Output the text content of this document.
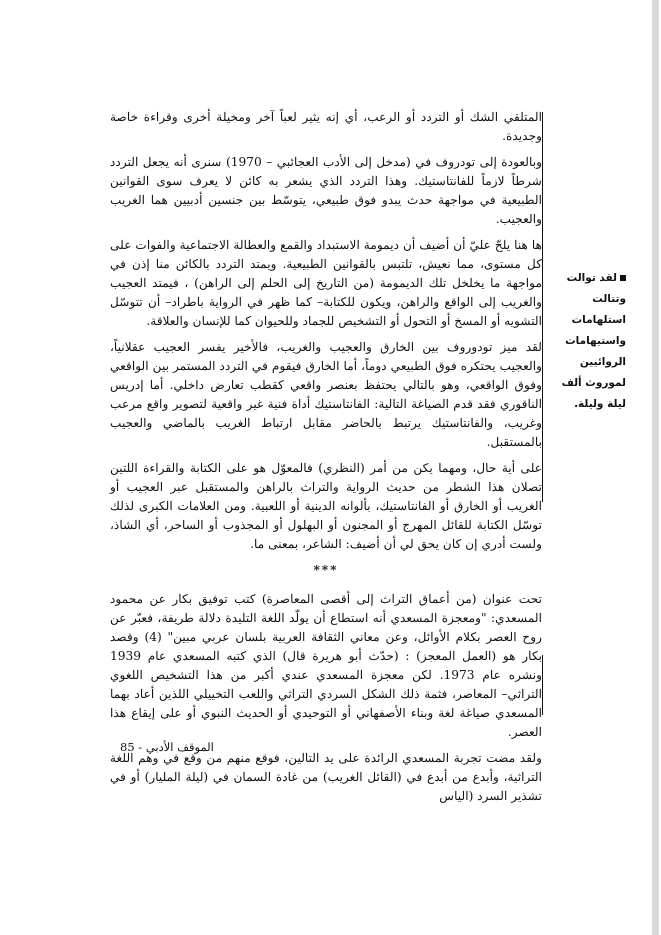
لقد توالت وتتالت استلهامات واستيهامات الروائيين لموروث ألف ليلة وليلة.

المتلقي الشك أو التردد أو الرعب، أي إنه يثير لعباً آخر ومخيلة أخرى وقراءة خاصة وجديدة.

وبالعودة إلى تودروف في (مدخل إلى الأدب العجائبي – 1970) سنرى أنه يجعل التردد شرطاً لازماً للفانتاستيك. وهذا التردد الذي يشعر به كائن لا يعرف سوى القوانين الطبيعية في مواجهة حدث يبدو فوق طبيعي، يتوسّط بين جنسين أدبيين هما الغريب والعجيب.

ها هنا يلحّ عليّ أن أضيف أن ديمومة الاستبداد والقمع والعطالة الاجتماعية والفوات على كل مستوى، مما نعيش، تلتبس بالقوانين الطبيعية. ويمتد التردد بالكائن منا إذن في مواجهة ما يخلخل تلك الديمومة (من التاريخ إلى الحلم إلى الراهن) ، فيمتد العجيب والغريب إلى الواقع والراهن، ويكون للكتابة– كما ظهر في الرواية باطراد– أن تتوسّل التشويه أو المسخ أو التحول أو التشخيص للجماد وللحيوان كما للإنسان والعلاقة.

لقد ميز تودوروف بين الخارق والعجيب والغريب، فالأخير يفسر العجيب عقلانياً، والعجيب يحتكره فوق الطبيعي دوماً، أما الخارق فيقوم في التردد المستمر بين الواقعي وفوق الواقعي، وهو بالتالي يحتفظ بعنصر واقعي كقطب تعارض داخلي. أما إدريس الناقوري فقد قدم الصياغة التالية: الفانتاستيك أداة فنية غير واقعية لتصوير واقع مرعب وغريب، والفانتاستيك يرتبط بالحاضر مقابل ارتباط الغريب بالماضي والعجيب بالمستقبل.

على أية حال، ومهما يكن من أمر (النظري) فالمعوّل هو على الكتابة والقراءة اللتين تصلان هذا الشطر من حديث الرواية والتراث بالراهن والمستقبل عبر العجيب أو الغريب أو الخارق أو الفانتاستيك، بألوانه الدينية أو اللعبية. ومن العلامات الكبرى لذلك توسّل الكتابة للقائل المهرج أو المجنون أو البهلول أو المجذوب أو الساحر، أي الشاذ، ولست أدري إن كان يحق لي أن أضيف: الشاعر، بمعنى ما.

***

تحت عنوان (من أعماق التراث إلى أقصى المعاصرة) كتب توفيق بكار عن محمود المسعدي: "ومعجزة المسعدي أنه استطاع أن يولّد اللغة التليدة دلالة طريفة، فعبّر عن روح العصر بكلام الأوائل، وعن معاني الثقافة العربية بلسان عربي مبين" (4) وقصد بكار هو (العمل المعجز) : (حدّث أبو هريرة قال) الذي كتبه المسعدي عام 1939 ونشره عام 1973. لكن معجزة المسعدي عندي أكبر من هذا التشخيص اللغوي التراثي– المعاصر، فثمة ذلك الشكل السردي التراثي واللعب التخييلي اللذين أعاد بهما المسعدي صياغة لغة وبناء الأصفهاني أو التوحيدي أو الحديث النبوي أو على إيقاع هذا العصر.

ولقد مضت تجربة المسعدي الرائدة على يد التالين، فوقع منهم من وقع في وهم اللغة التراثية، وأبدع من أبدع في (القائل الغريب) من غادة السمان في (ليلة المليار) أو في تشذير السرد (الياس

الموقف الأدبي - 85
